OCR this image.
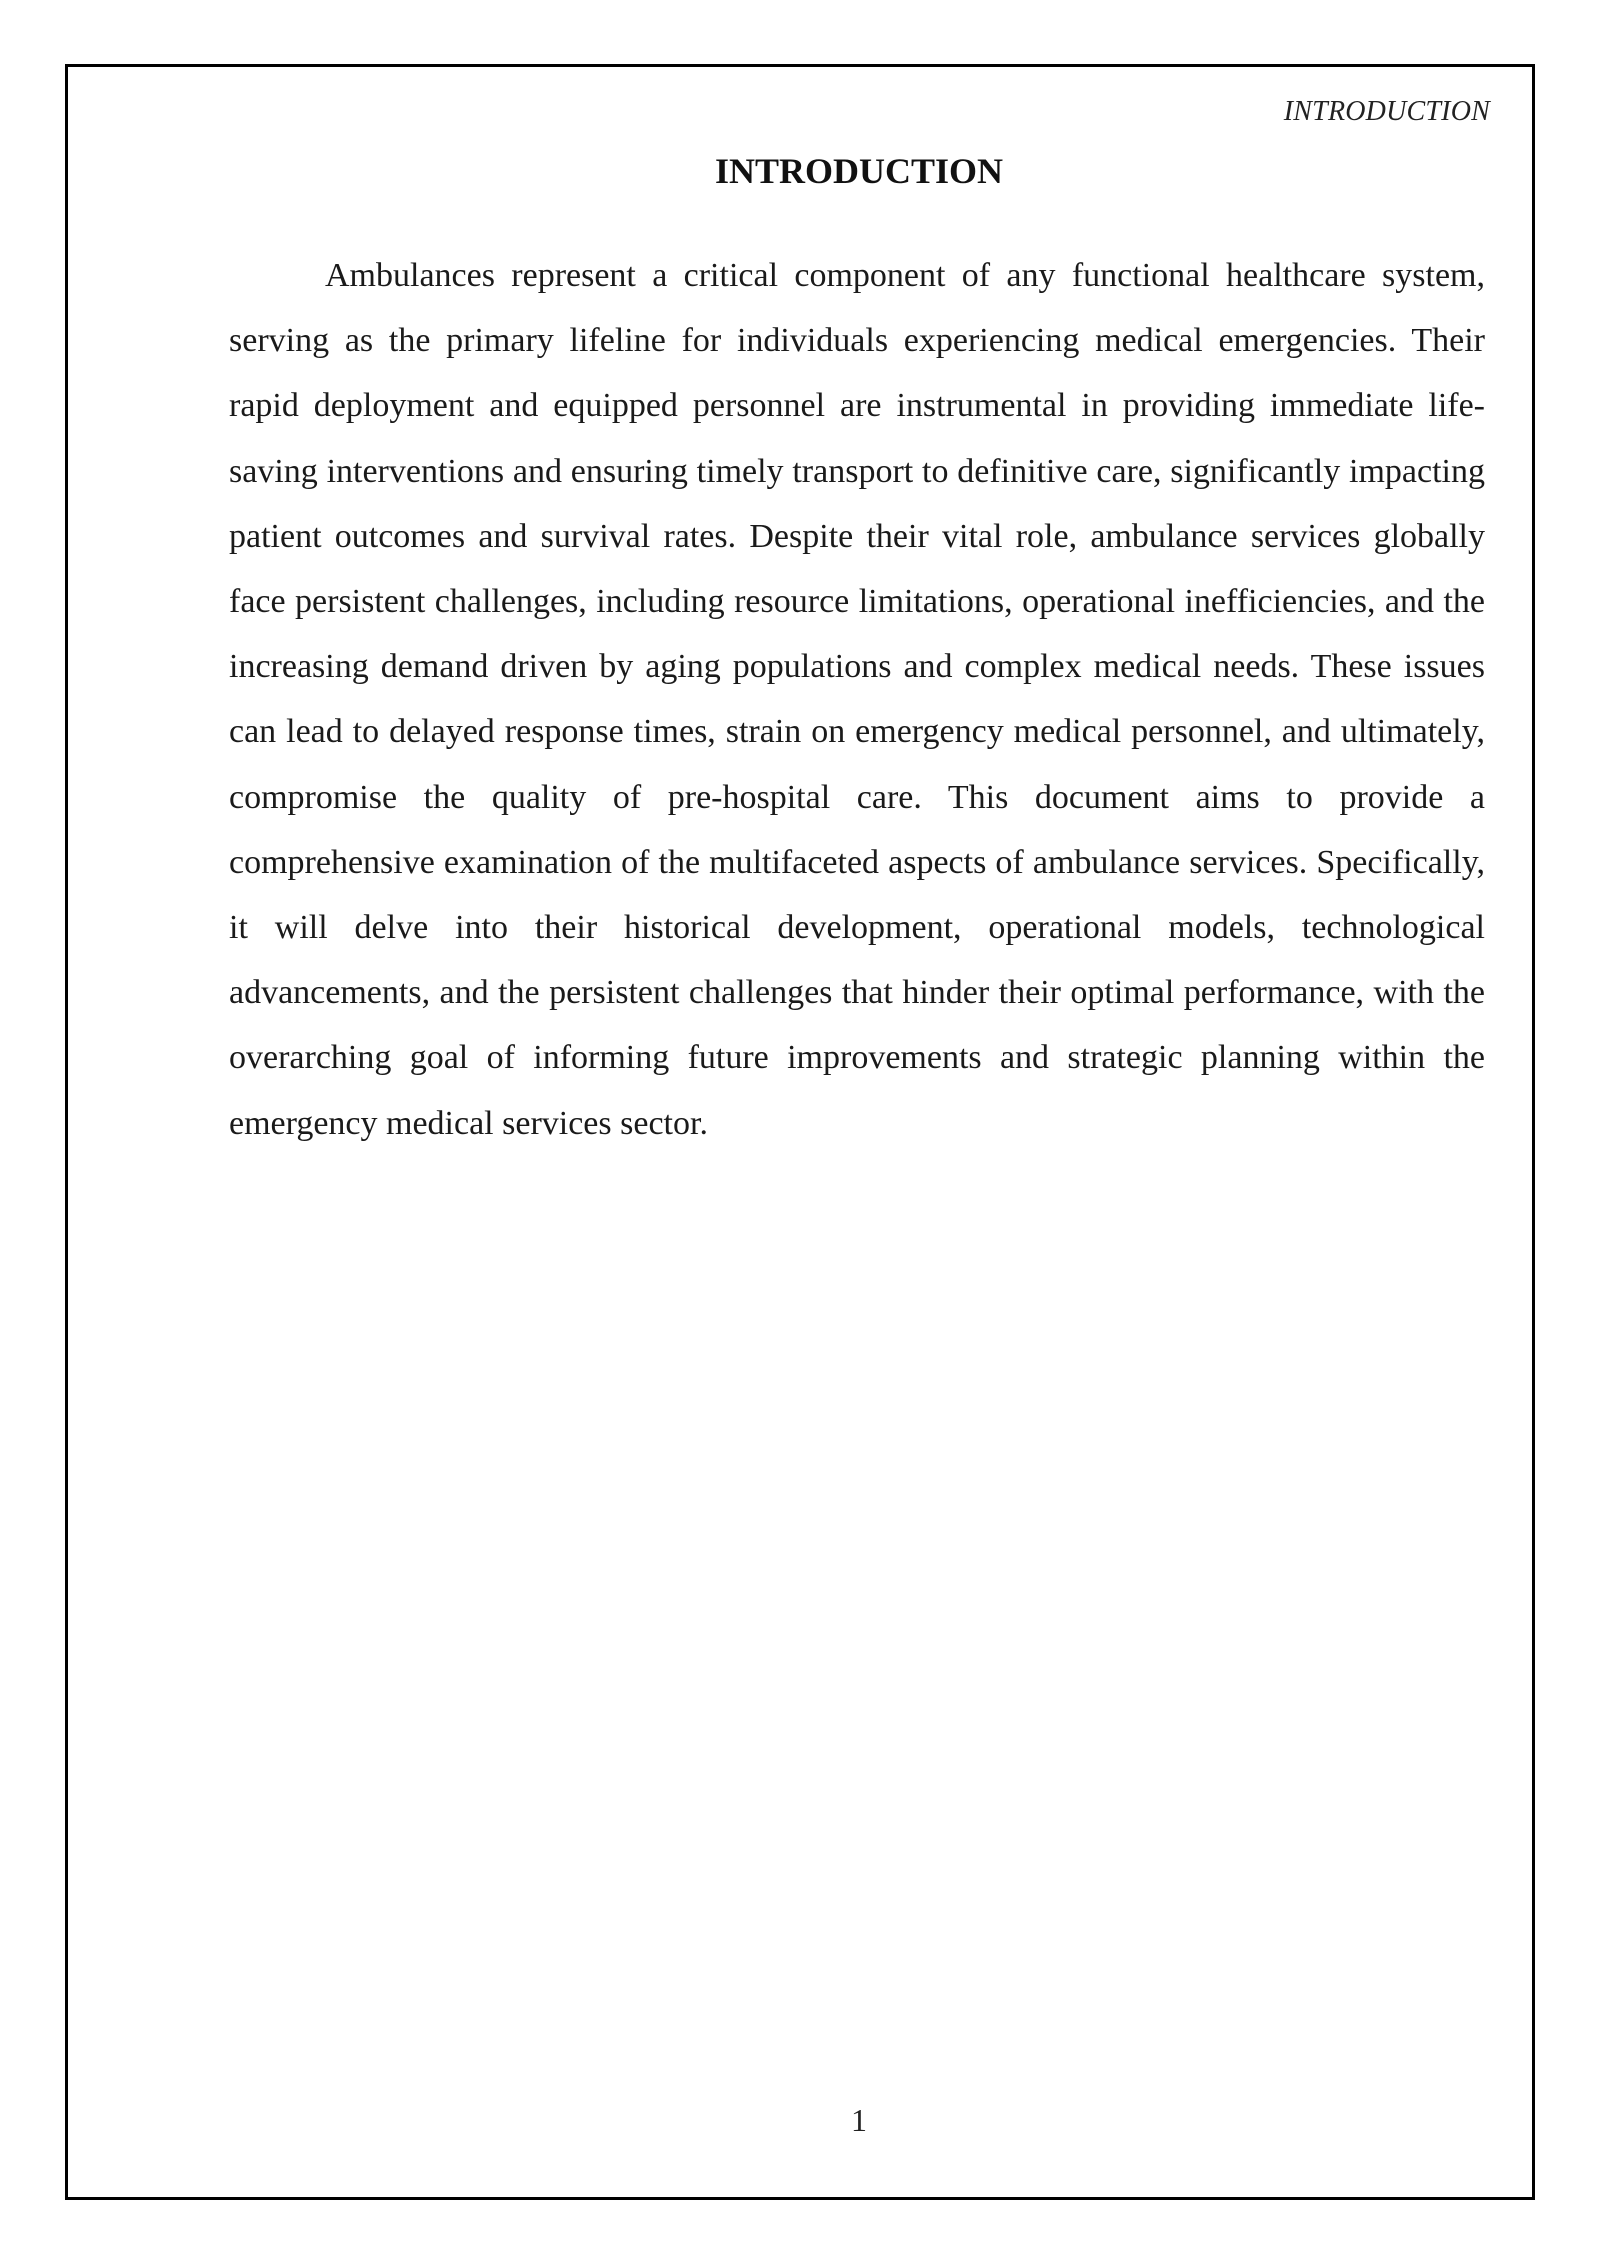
INTRODUCTION
INTRODUCTION

Ambulances represent a critical component of any functional healthcare system, serving as the primary lifeline for individuals experiencing medical emergencies. Their rapid deployment and equipped personnel are instrumental in providing immediate life-saving interventions and ensuring timely transport to definitive care, significantly impacting patient outcomes and survival rates. Despite their vital role, ambulance services globally face persistent challenges, including resource limitations, operational inefficiencies, and the increasing demand driven by aging populations and complex medical needs. These issues can lead to delayed response times, strain on emergency medical personnel, and ultimately, compromise the quality of pre-hospital care. This document aims to provide a comprehensive examination of the multifaceted aspects of ambulance services. Specifically, it will delve into their historical development, operational models, technological advancements, and the persistent challenges that hinder their optimal performance, with the overarching goal of informing future improvements and strategic planning within the emergency medical services sector.

1
